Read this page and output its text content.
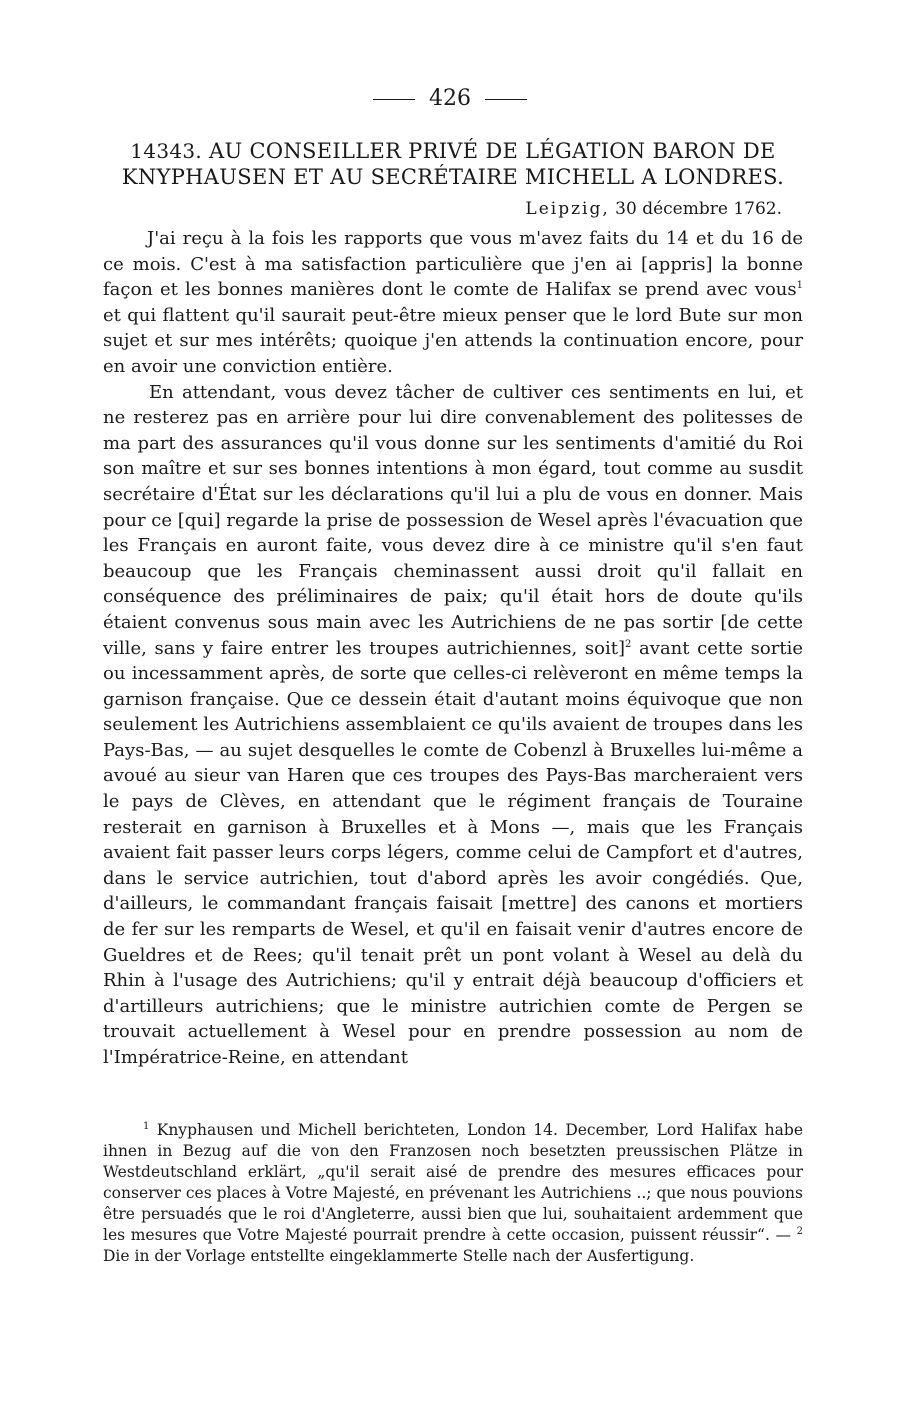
426
14343. AU CONSEILLER PRIVÉ DE LÉGATION BARON DE KNYPHAUSEN ET AU SECRÉTAIRE MICHELL A LONDRES.
Leipzig, 30 décembre 1762.

J'ai reçu à la fois les rapports que vous m'avez faits du 14 et du 16 de ce mois. C'est à ma satisfaction particulière que j'en ai [appris] la bonne façon et les bonnes manières dont le comte de Halifax se prend avec vous$^1$ et qui flattent qu'il saurait peut-être mieux penser que le lord Bute sur mon sujet et sur mes intérêts; quoique j'en attends la continuation encore, pour en avoir une conviction entière.

En attendant, vous devez tâcher de cultiver ces sentiments en lui, et ne resterez pas en arrière pour lui dire convenablement des politesses de ma part des assurances qu'il vous donne sur les sentiments d'amitié du Roi son maître et sur ses bonnes intentions à mon égard, tout comme au susdit secrétaire d'État sur les déclarations qu'il lui a plu de vous en donner. Mais pour ce [qui] regarde la prise de possession de Wesel après l'évacuation que les Français en auront faite, vous devez dire à ce ministre qu'il s'en faut beaucoup que les Français cheminassent aussi droit qu'il fallait en conséquence des préliminaires de paix; qu'il était hors de doute qu'ils étaient convenus sous main avec les Autrichiens de ne pas sortir [de cette ville, sans y faire entrer les troupes autrichiennes, soit]$^2$ avant cette sortie ou incessamment après, de sorte que celles-ci relèveront en même temps la garnison française. Que ce dessein était d'autant moins équivoque que non seulement les Autrichiens assemblaient ce qu'ils avaient de troupes dans les Pays-Bas, — au sujet desquelles le comte de Cobenzl à Bruxelles lui-même a avoué au sieur van Haren que ces troupes des Pays-Bas marcheraient vers le pays de Clèves, en attendant que le régiment français de Touraine resterait en garnison à Bruxelles et à Mons —, mais que les Français avaient fait passer leurs corps légers, comme celui de Campfort et d'autres, dans le service autrichien, tout d'abord après les avoir congédiés. Que, d'ailleurs, le commandant français faisait [mettre] des canons et mortiers de fer sur les remparts de Wesel, et qu'il en faisait venir d'autres encore de Gueldres et de Rees; qu'il tenait prêt un pont volant à Wesel au delà du Rhin à l'usage des Autrichiens; qu'il y entrait déjà beaucoup d'officiers et d'artilleurs autrichiens; que le ministre autrichien comte de Pergen se trouvait actuellement à Wesel pour en prendre possession au nom de l'Impératrice-Reine, en attendant

$^1$ Knyphausen und Michell berichteten, London 14. December, Lord Halifax habe ihnen in Bezug auf die von den Franzosen noch besetzten preussischen Plätze in Westdeutschland erklärt, „qu'il serait aisé de prendre des mesures efficaces pour conserver ces places à Votre Majesté, en prévenant les Autrichiens ..; que nous pouvions être persuadés que le roi d'Angleterre, aussi bien que lui, souhaitaient ardemment que les mesures que Votre Majesté pourrait prendre à cette occasion, puissent réussir“. — $^2$ Die in der Vorlage entstellte eingeklammerte Stelle nach der Ausfertigung.
